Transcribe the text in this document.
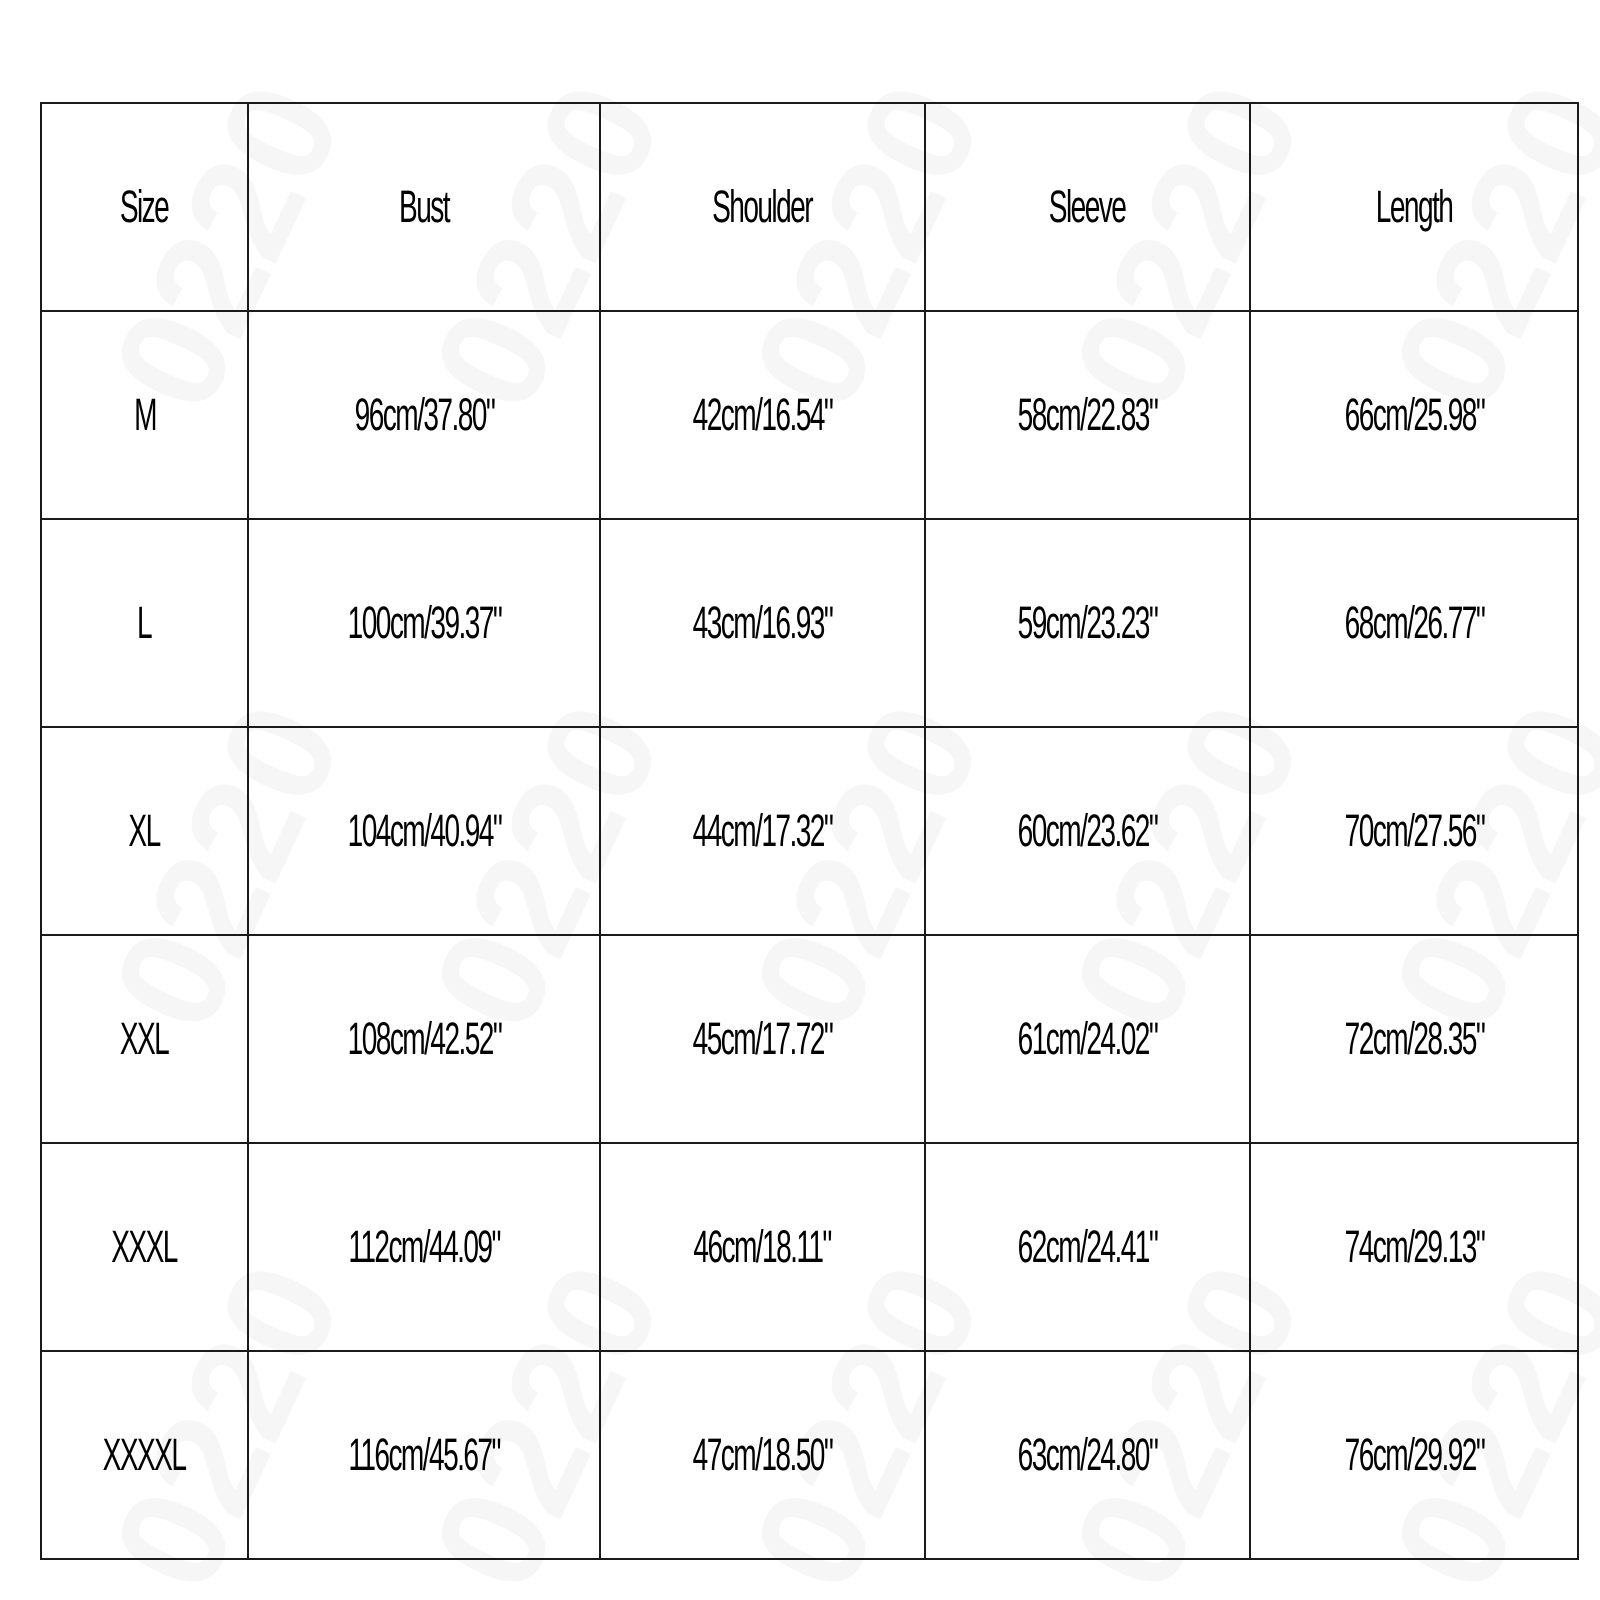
Size	Bust	Shoulder	Sleeve	Length
M	96cm/37.80"	42cm/16.54"	58cm/22.83"	66cm/25.98"
L	100cm/39.37"	43cm/16.93"	59cm/23.23"	68cm/26.77"
XL	104cm/40.94"	44cm/17.32"	60cm/23.62"	70cm/27.56"
XXL	108cm/42.52"	45cm/17.72"	61cm/24.02"	72cm/28.35"
XXXL	112cm/44.09"	46cm/18.11"	62cm/24.41"	74cm/29.13"
XXXXL	116cm/45.67"	47cm/18.50"	63cm/24.80"	76cm/29.92"
